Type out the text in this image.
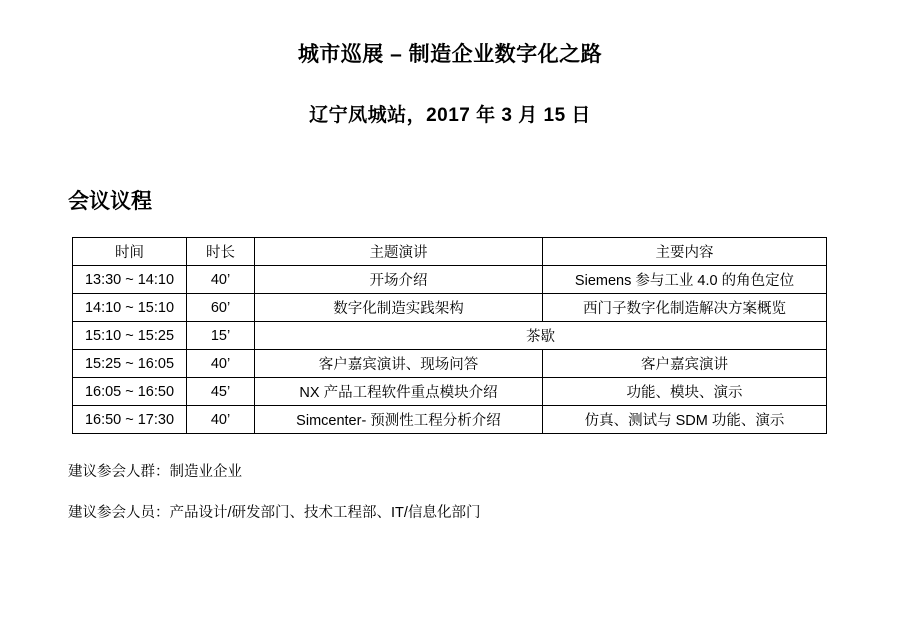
城市巡展 – 制造企业数字化之路
辽宁凤城站，2017 年 3 月 15 日
会议议程
时间	时长	主题演讲	主要内容
13:30 ~ 14:10	40’	开场介绍	Siemens 参与工业 4.0 的角色定位
14:10 ~ 15:10	60’	数字化制造实践架构	西门子数字化制造解决方案概览
15:10 ~ 15:25	15’	茶歇	
15:25 ~ 16:05	40’	客户嘉宾演讲、现场问答	客户嘉宾演讲
16:05 ~ 16:50	45’	NX 产品工程软件重点模块介绍	功能、模块、演示
16:50 ~ 17:30	40’	Simcenter- 预测性工程分析介绍	仿真、测试与 SDM 功能、演示
建议参会人群：制造业企业
建议参会人员：产品设计/研发部门、技术工程部、IT/信息化部门
